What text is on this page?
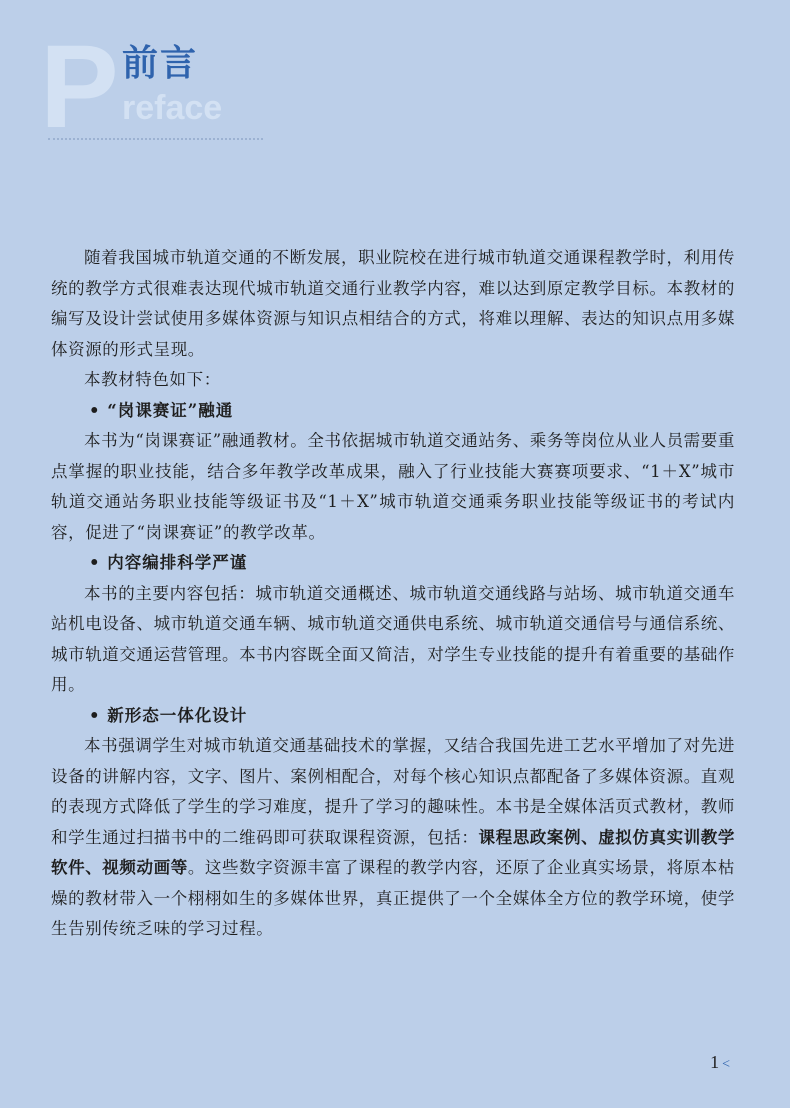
P 前言
reface

随着我国城市轨道交通的不断发展，职业院校在进行城市轨道交通课程教学时，利用传统的教学方式很难表达现代城市轨道交通行业教学内容，难以达到原定教学目标。本教材的编写及设计尝试使用多媒体资源与知识点相结合的方式，将难以理解、表达的知识点用多媒体资源的形式呈现。

本教材特色如下：

• “岗课赛证”融通

本书为“岗课赛证”融通教材。全书依据城市轨道交通站务、乘务等岗位从业人员需要重点掌握的职业技能，结合多年教学改革成果，融入了行业技能大赛赛项要求、“1＋X”城市轨道交通站务职业技能等级证书及“1＋X”城市轨道交通乘务职业技能等级证书的考试内容，促进了“岗课赛证”的教学改革。

• 内容编排科学严谨

本书的主要内容包括：城市轨道交通概述、城市轨道交通线路与站场、城市轨道交通车站机电设备、城市轨道交通车辆、城市轨道交通供电系统、城市轨道交通信号与通信系统、城市轨道交通运营管理。本书内容既全面又简洁，对学生专业技能的提升有着重要的基础作用。

• 新形态一体化设计

本书强调学生对城市轨道交通基础技术的掌握，又结合我国先进工艺水平增加了对先进设备的讲解内容，文字、图片、案例相配合，对每个核心知识点都配备了多媒体资源。直观的表现方式降低了学生的学习难度，提升了学习的趣味性。本书是全媒体活页式教材，教师和学生通过扫描书中的二维码即可获取课程资源，包括：课程思政案例、虚拟仿真实训教学软件、视频动画等。这些数字资源丰富了课程的教学内容，还原了企业真实场景，将原本枯燥的教材带入一个栩栩如生的多媒体世界，真正提供了一个全媒体全方位的教学环境，使学生告别传统乏味的学习过程。

1 <
